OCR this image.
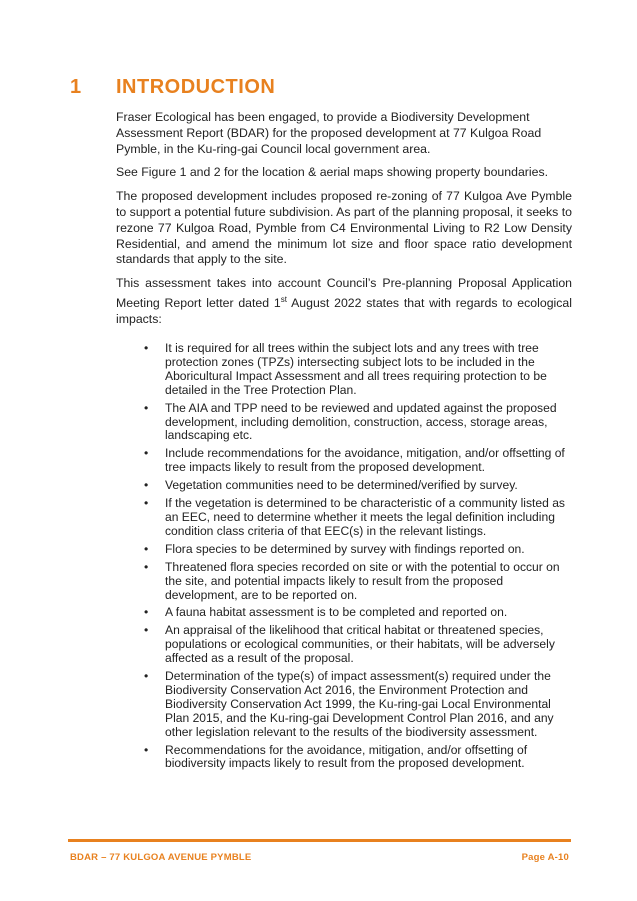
1	INTRODUCTION

Fraser Ecological has been engaged, to provide a Biodiversity Development Assessment Report (BDAR) for the proposed development at 77 Kulgoa Road Pymble, in the Ku-ring-gai Council local government area.

See Figure 1 and 2 for the location & aerial maps showing property boundaries.

The proposed development includes proposed re-zoning of 77 Kulgoa Ave Pymble to support a potential future subdivision. As part of the planning proposal, it seeks to rezone 77 Kulgoa Road, Pymble from C4 Environmental Living to R2 Low Density Residential, and amend the minimum lot size and floor space ratio development standards that apply to the site.

This assessment takes into account Council’s Pre-planning Proposal Application Meeting Report letter dated 1st August 2022 states that with regards to ecological impacts:

• It is required for all trees within the subject lots and any trees with tree protection zones (TPZs) intersecting subject lots to be included in the Aboricultural Impact Assessment and all trees requiring protection to be detailed in the Tree Protection Plan.
• The AIA and TPP need to be reviewed and updated against the proposed development, including demolition, construction, access, storage areas, landscaping etc.
• Include recommendations for the avoidance, mitigation, and/or offsetting of tree impacts likely to result from the proposed development.
• Vegetation communities need to be determined/verified by survey.
• If the vegetation is determined to be characteristic of a community listed as an EEC, need to determine whether it meets the legal definition including condition class criteria of that EEC(s) in the relevant listings.
• Flora species to be determined by survey with findings reported on.
• Threatened flora species recorded on site or with the potential to occur on the site, and potential impacts likely to result from the proposed development, are to be reported on.
• A fauna habitat assessment is to be completed and reported on.
• An appraisal of the likelihood that critical habitat or threatened species, populations or ecological communities, or their habitats, will be adversely affected as a result of the proposal.
• Determination of the type(s) of impact assessment(s) required under the Biodiversity Conservation Act 2016, the Environment Protection and Biodiversity Conservation Act 1999, the Ku-ring-gai Local Environmental Plan 2015, and the Ku-ring-gai Development Control Plan 2016, and any other legislation relevant to the results of the biodiversity assessment.
• Recommendations for the avoidance, mitigation, and/or offsetting of biodiversity impacts likely to result from the proposed development.
BDAR – 77 KULGOA AVENUE PYMBLE	Page A-10
